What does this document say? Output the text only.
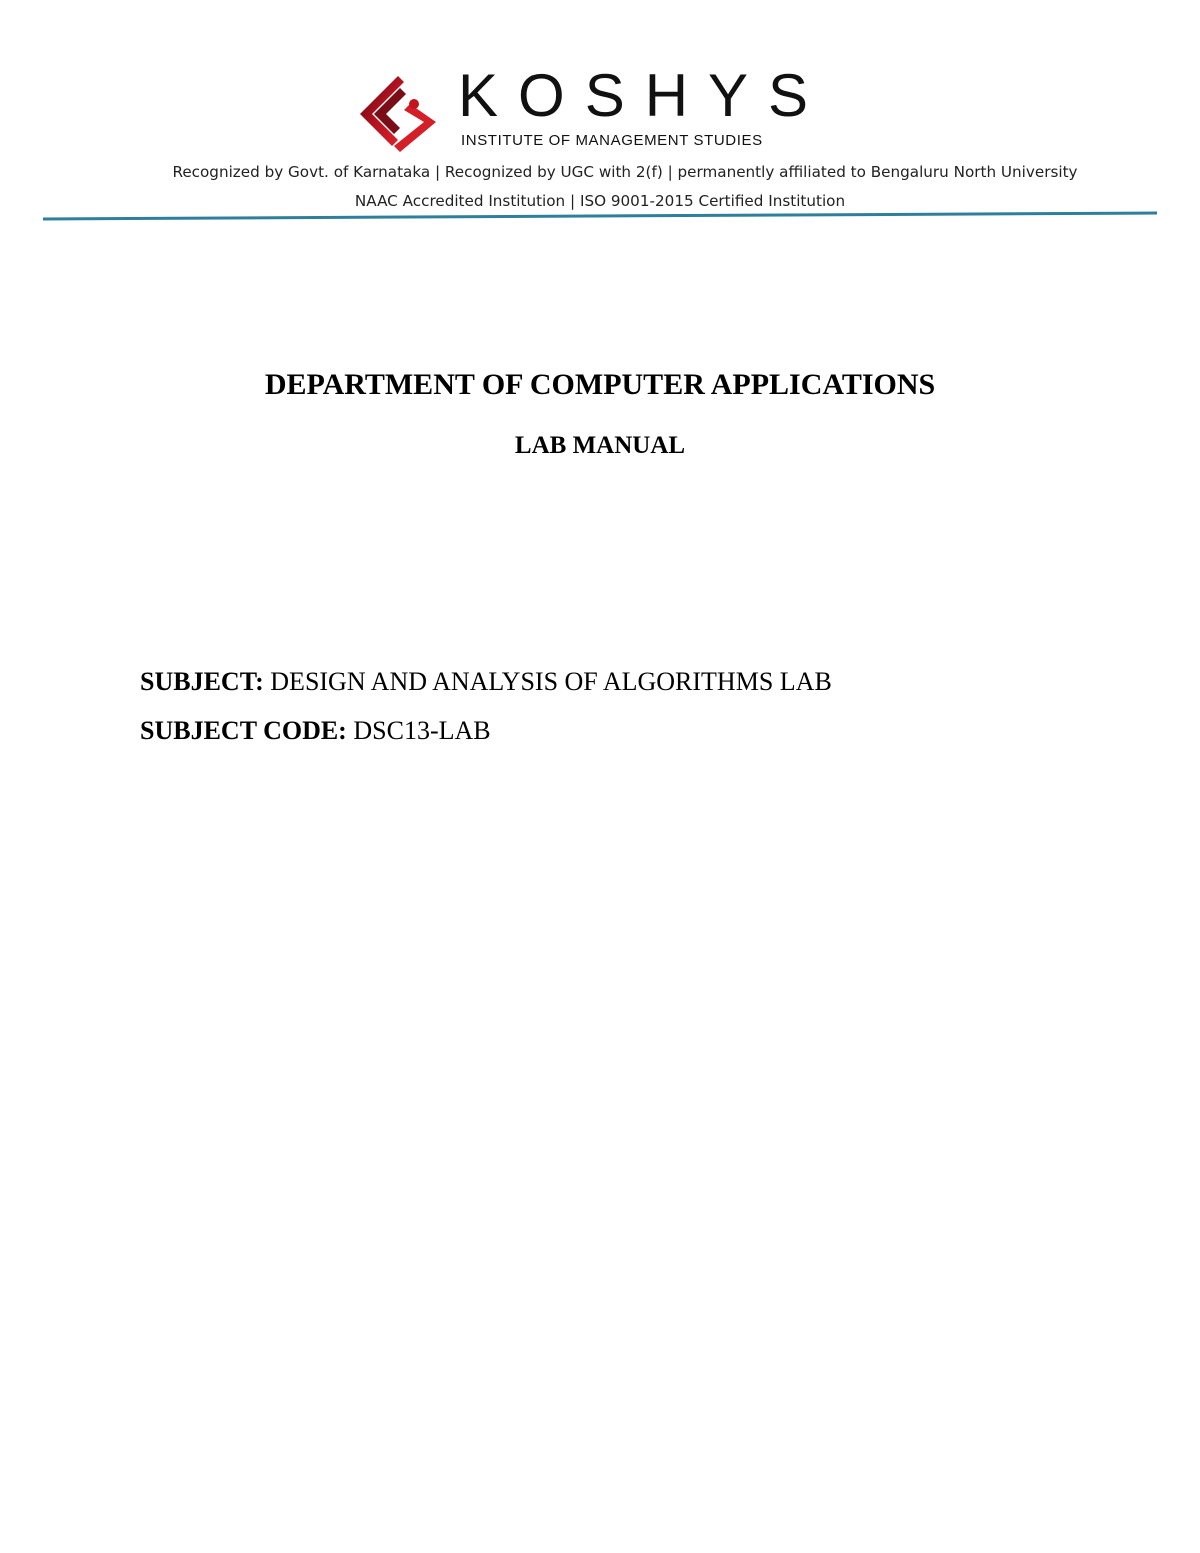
KOSHYS
INSTITUTE OF MANAGEMENT STUDIES
Recognized by Govt. of Karnataka | Recognized by UGC with 2(f) | permanently affiliated to Bengaluru North University
NAAC Accredited Institution | ISO 9001-2015 Certified Institution
DEPARTMENT OF COMPUTER APPLICATIONS
LAB MANUAL
SUBJECT: DESIGN AND ANALYSIS OF ALGORITHMS LAB
SUBJECT CODE: DSC13-LAB
